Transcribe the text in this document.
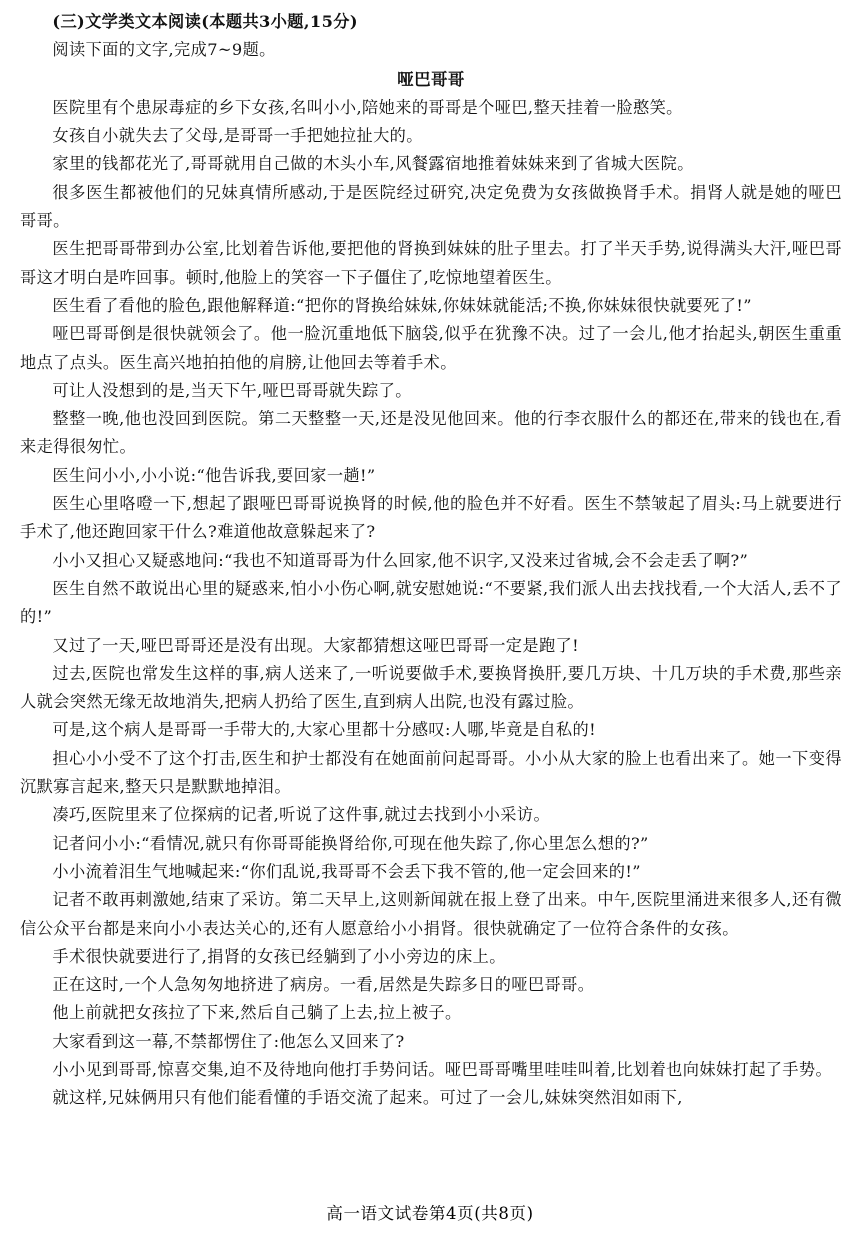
(三)文学类文本阅读(本题共3小题,15分)
阅读下面的文字,完成7~9题。
哑巴哥哥

医院里有个患尿毒症的乡下女孩,名叫小小,陪她来的哥哥是个哑巴,整天挂着一脸憨笑。

女孩自小就失去了父母,是哥哥一手把她拉扯大的。

家里的钱都花光了,哥哥就用自己做的木头小车,风餐露宿地推着妹妹来到了省城大医院。

很多医生都被他们的兄妹真情所感动,于是医院经过研究,决定免费为女孩做换肾手术。捐肾人就是她的哑巴哥哥。

医生把哥哥带到办公室,比划着告诉他,要把他的肾换到妹妹的肚子里去。打了半天手势,说得满头大汗,哑巴哥哥这才明白是咋回事。顿时,他脸上的笑容一下子僵住了,吃惊地望着医生。

医生看了看他的脸色,跟他解释道:“把你的肾换给妹妹,你妹妹就能活;不换,你妹妹很快就要死了!”

哑巴哥哥倒是很快就领会了。他一脸沉重地低下脑袋,似乎在犹豫不决。过了一会儿,他才抬起头,朝医生重重地点了点头。医生高兴地拍拍他的肩膀,让他回去等着手术。

可让人没想到的是,当天下午,哑巴哥哥就失踪了。

整整一晚,他也没回到医院。第二天整整一天,还是没见他回来。他的行李衣服什么的都还在,带来的钱也在,看来走得很匆忙。

医生问小小,小小说:“他告诉我,要回家一趟!”

医生心里咯噔一下,想起了跟哑巴哥哥说换肾的时候,他的脸色并不好看。医生不禁皱起了眉头:马上就要进行手术了,他还跑回家干什么?难道他故意躲起来了?

小小又担心又疑惑地问:“我也不知道哥哥为什么回家,他不识字,又没来过省城,会不会走丢了啊?”

医生自然不敢说出心里的疑惑来,怕小小伤心啊,就安慰她说:“不要紧,我们派人出去找找看,一个大活人,丢不了的!”

又过了一天,哑巴哥哥还是没有出现。大家都猜想这哑巴哥哥一定是跑了!

过去,医院也常发生这样的事,病人送来了,一听说要做手术,要换肾换肝,要几万块、十几万块的手术费,那些亲人就会突然无缘无故地消失,把病人扔给了医生,直到病人出院,也没有露过脸。

可是,这个病人是哥哥一手带大的,大家心里都十分感叹:人哪,毕竟是自私的!

担心小小受不了这个打击,医生和护士都没有在她面前问起哥哥。小小从大家的脸上也看出来了。她一下变得沉默寡言起来,整天只是默默地掉泪。

凑巧,医院里来了位探病的记者,听说了这件事,就过去找到小小采访。

记者问小小:“看情况,就只有你哥哥能换肾给你,可现在他失踪了,你心里怎么想的?”

小小流着泪生气地喊起来:“你们乱说,我哥哥不会丢下我不管的,他一定会回来的!”

记者不敢再刺激她,结束了采访。第二天早上,这则新闻就在报上登了出来。中午,医院里涌进来很多人,还有微信公众平台都是来向小小表达关心的,还有人愿意给小小捐肾。很快就确定了一位符合条件的女孩。

手术很快就要进行了,捐肾的女孩已经躺到了小小旁边的床上。

正在这时,一个人急匆匆地挤进了病房。一看,居然是失踪多日的哑巴哥哥。

他上前就把女孩拉了下来,然后自己躺了上去,拉上被子。

大家看到这一幕,不禁都愣住了:他怎么又回来了?

小小见到哥哥,惊喜交集,迫不及待地向他打手势问话。哑巴哥哥嘴里哇哇叫着,比划着也向妹妹打起了手势。

就这样,兄妹俩用只有他们能看懂的手语交流了起来。可过了一会儿,妹妹突然泪如雨下,

高一语文试卷第4页(共8页)
